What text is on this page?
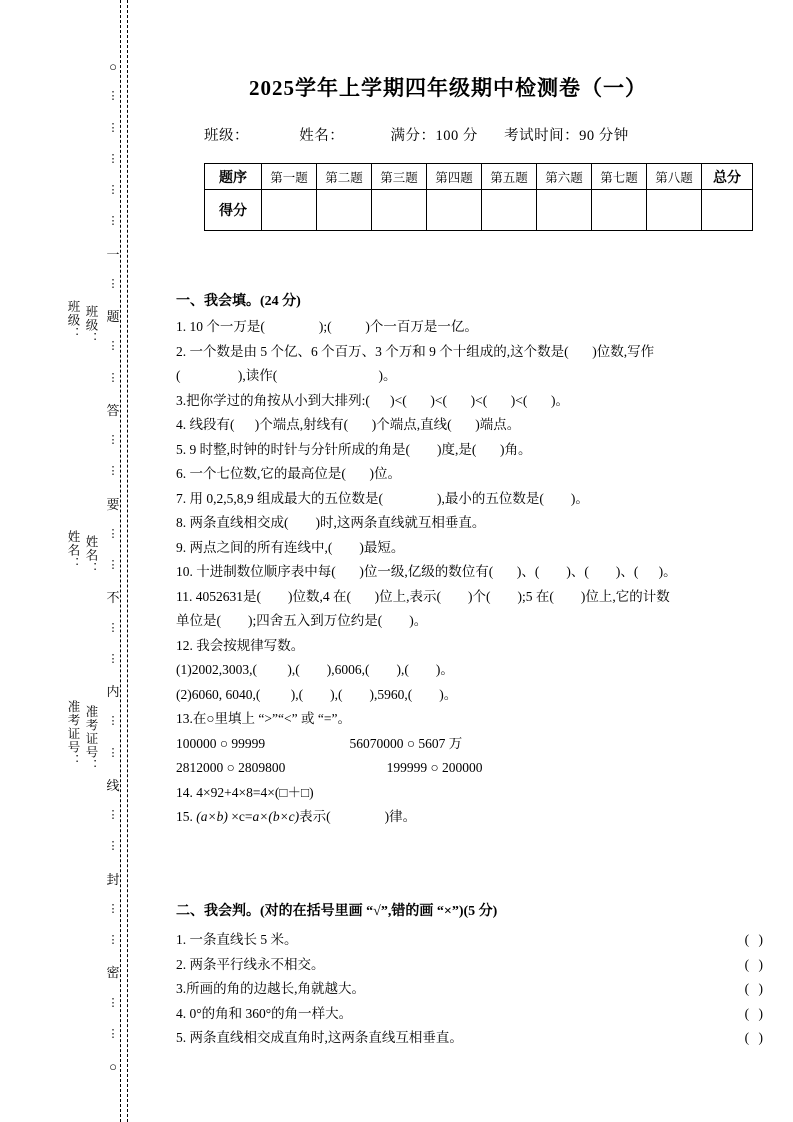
○
⋮
⋮
⋮
⋮
⋮
一
⋮
题
⋮
⋮
答
⋮
⋮
要
⋮
⋮
不
⋮
⋮
内
⋮
⋮
线
⋮
⋮
封
⋮
⋮
密
⋮
⋮
○
班级： 班级：
姓名： 姓名：
准考证号： 准考证号：
2025学年上学期四年级期中检测卷（一）
班级：	姓名：	满分：100 分 考试时间：90 分钟
题序	第一题	第二题	第三题	第四题	第五题	第六题	第七题	第八题	总分
得分									
一、我会填。(24 分)
1. 10 个一万是(                );(          )个一百万是一亿。
2. 一个数是由 5 个亿、6 个百万、3 个万和 9 个十组成的,这个数是(       )位数,写作
(                 ),读作(                              )。
3.把你学过的角按从小到大排列:(      )<(       )<(       )<(       )<(       )。
4. 线段有(      )个端点,射线有(       )个端点,直线(       )端点。
5. 9 时整,时钟的时针与分针所成的角是(        )度,是(       )角。
6. 一个七位数,它的最高位是(       )位。
7. 用 0,2,5,8,9 组成最大的五位数是(                ),最小的五位数是(        )。
8. 两条直线相交成(        )时,这两条直线就互相垂直。
9. 两点之间的所有连线中,(        )最短。
10. 十进制数位顺序表中每(       )位一级,亿级的数位有(       )、(        )、(        )、(      )。
11. 4052631是(        )位数,4 在(       )位上,表示(        )个(        );5 在(        )位上,它的计数
单位是(        );四舍五入到万位约是(        )。
12. 我会按规律写数。
(1)2002,3003,(         ),(        ),6006,(        ),(        )。
(2)6060, 6040,(         ),(        ),(        ),5960,(        )。
13.在○里填上 “>”“<” 或 “=”。
100000 ○ 99999                         56070000 ○ 5607 万
2812000 ○ 2809800                              199999 ○ 200000
14. 4×92+4×8=4×(□＋□)
15. (a×b) ×c=a×(b×c)表示(                )律。
二、我会判。(对的在括号里画 “√”,错的画 “×”)(5 分)
1. 一条直线长 5 米。	( )
2. 两条平行线永不相交。	( )
3.所画的角的边越长,角就越大。	( )
4. 0°的角和 360°的角一样大。	( )
5. 两条直线相交成直角时,这两条直线互相垂直。	( )
